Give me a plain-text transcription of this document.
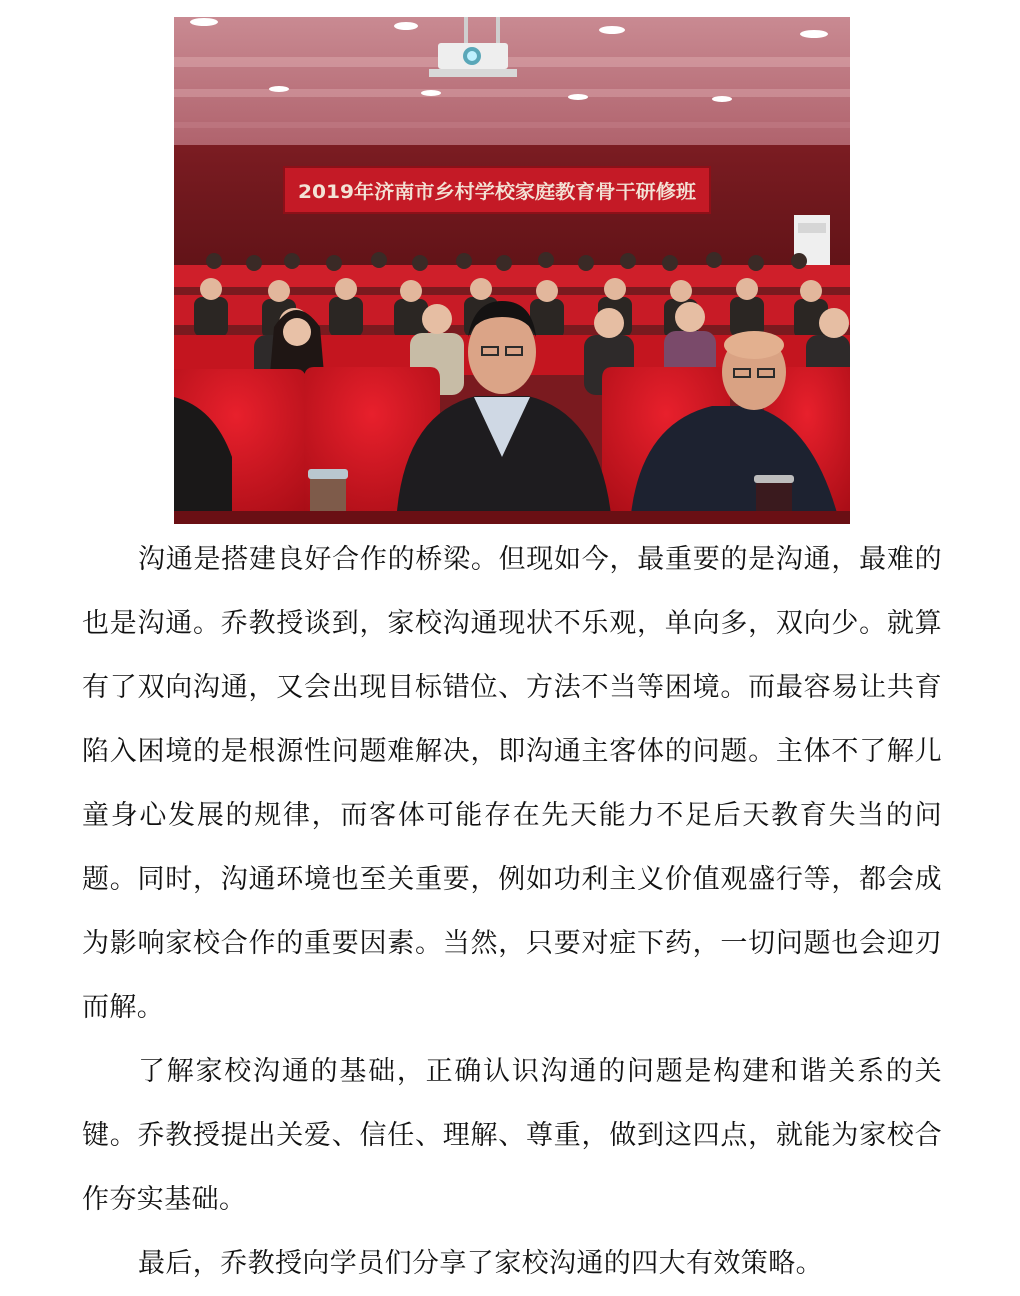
2019年济南市乡村学校家庭教育骨干研修班

沟通是搭建良好合作的桥梁。但现如今，最重要的是沟通，最难的也是沟通。乔教授谈到，家校沟通现状不乐观，单向多，双向少。就算有了双向沟通，又会出现目标错位、方法不当等困境。而最容易让共育陷入困境的是根源性问题难解决，即沟通主客体的问题。主体不了解儿童身心发展的规律，而客体可能存在先天能力不足后天教育失当的问题。同时，沟通环境也至关重要，例如功利主义价值观盛行等，都会成为影响家校合作的重要因素。当然，只要对症下药，一切问题也会迎刃而解。

了解家校沟通的基础，正确认识沟通的问题是构建和谐关系的关键。乔教授提出关爱、信任、理解、尊重，做到这四点，就能为家校合作夯实基础。

最后，乔教授向学员们分享了家校沟通的四大有效策略。
